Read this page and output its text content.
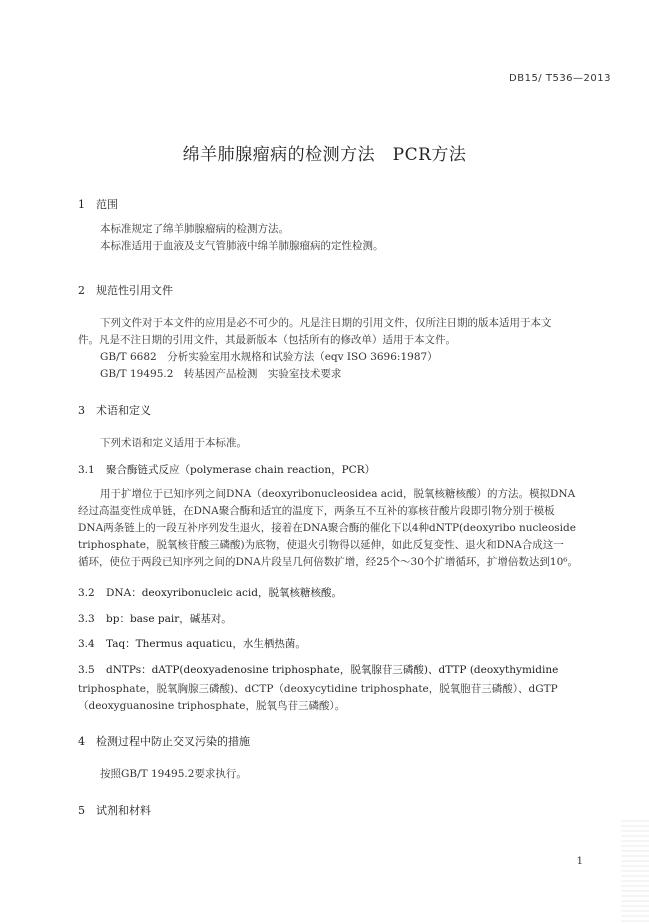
DB15/ T536—2013
绵羊肺腺瘤病的检测方法　PCR方法
1 范围
本标准规定了绵羊肺腺瘤病的检测方法。
本标准适用于血液及支气管肺液中绵羊肺腺瘤病的定性检测。
2 规范性引用文件
下列文件对于本文件的应用是必不可少的。凡是注日期的引用文件，仅所注日期的版本适用于本文
件。凡是不注日期的引用文件，其最新版本（包括所有的修改单）适用于本文件。
GB/T 6682　分析实验室用水规格和试验方法（eqv ISO 3696:1987）
GB/T 19495.2　转基因产品检测　实验室技术要求
3 术语和定义
下列术语和定义适用于本标准。
3.1 聚合酶链式反应（polymerase chain reaction，PCR）
用于扩增位于已知序列之间DNA（deoxyribonucleosidea acid，脱氧核糖核酸）的方法。模拟DNA
经过高温变性成单链，在DNA聚合酶和适宜的温度下，两条互不互补的寡核苷酸片段即引物分别于模板
DNA两条链上的一段互补序列发生退火，接着在DNA聚合酶的催化下以4种dNTP(deoxyribo nucleoside
triphosphate，脱氧核苷酸三磷酸)为底物，使退火引物得以延伸，如此反复变性、退火和DNA合成这一
循环，使位于两段已知序列之间的DNA片段呈几何倍数扩增，经25个～30个扩增循环，扩增倍数达到10⁶。
3.2 DNA：deoxyribonucleic acid，脱氧核糖核酸。
3.3 bp：base pair，碱基对。
3.4 Taq：Thermus aquaticu，水生栖热菌。
3.5 dNTPs：dATP(deoxyadenosine triphosphate，脱氧腺苷三磷酸)、dTTP (deoxythymidine
triphosphate，脱氧胸腺三磷酸)、dCTP（deoxycytidine triphosphate，脱氧胞苷三磷酸）、dGTP
（deoxyguanosine triphosphate，脱氧鸟苷三磷酸）。
4 检测过程中防止交叉污染的措施
按照GB/T 19495.2要求执行。
5 试剂和材料
1
